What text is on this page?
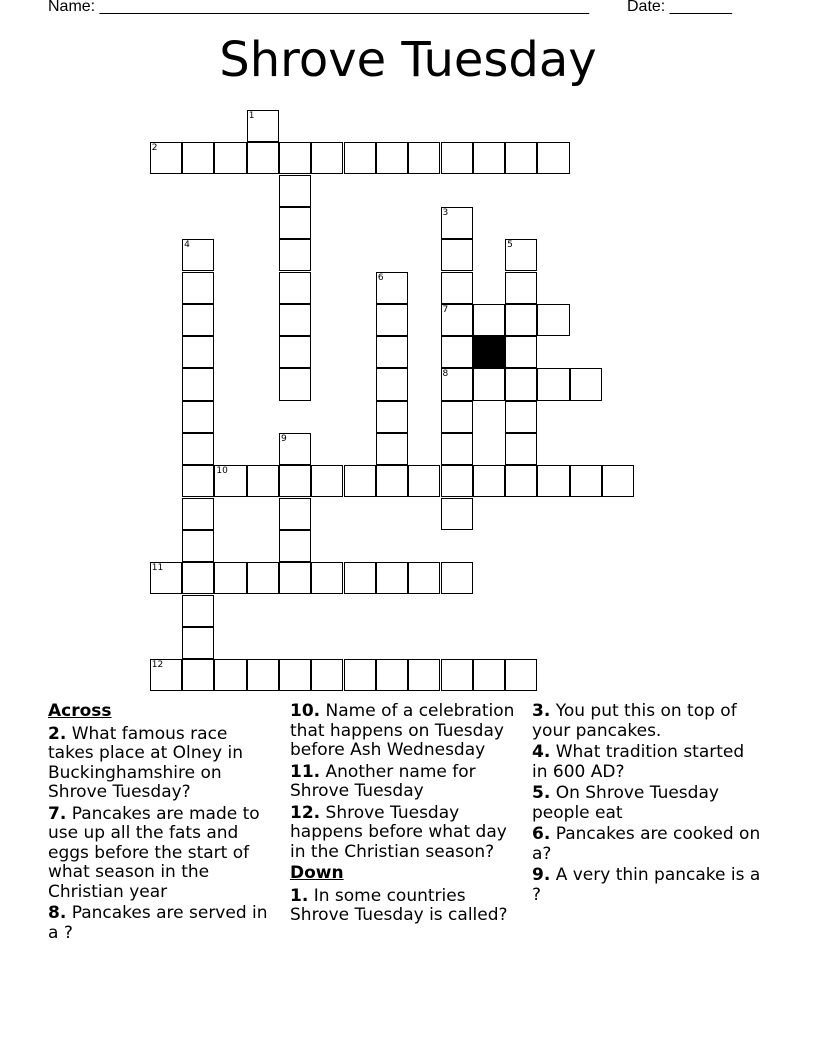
Name: _______________________________________________________ Date: _______
Shrove Tuesday
1
2
3
4	5
6
7
8
9
10
11
12
Across
2. What famous race takes place at Olney in Buckinghamshire on Shrove Tuesday?
7. Pancakes are made to use up all the fats and eggs before the start of what season in the Christian year
8. Pancakes are served in a ?
10. Name of a celebration that happens on Tuesday before Ash Wednesday
11. Another name for Shrove Tuesday
12. Shrove Tuesday happens before what day in the Christian season?
Down
1. In some countries Shrove Tuesday is called?
3. You put this on top of your pancakes.
4. What tradition started in 600 AD?
5. On Shrove Tuesday people eat
6. Pancakes are cooked on a?
9. A very thin pancake is a ?
